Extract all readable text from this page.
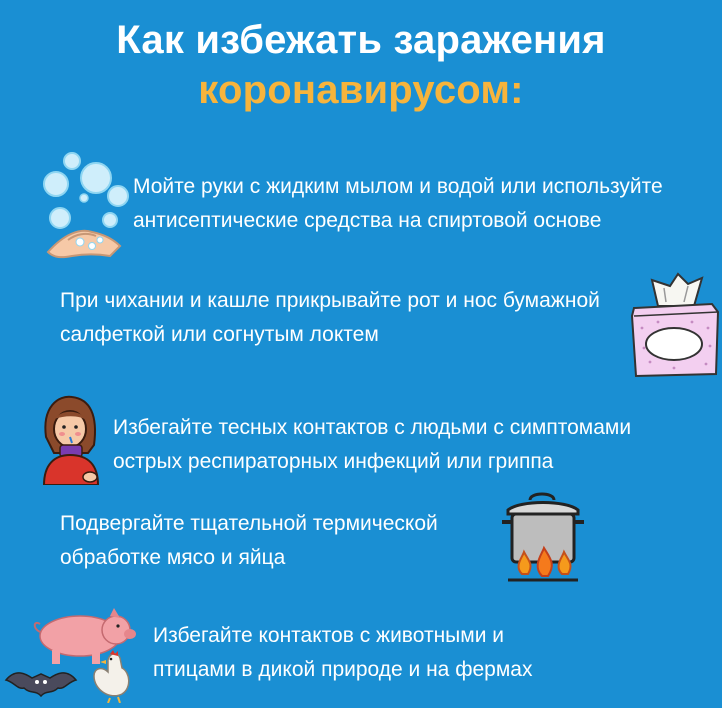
Как избежать заражения
коронавирусом:
Мойте руки с жидким мылом и водой или используйте
антисептические средства на спиртовой основе
При чихании и кашле прикрывайте рот и нос бумажной
салфеткой или согнутым локтем
Избегайте тесных контактов с людьми с симптомами
острых респираторных инфекций или гриппа
Подвергайте тщательной термической
обработке мясо и яйца
Избегайте контактов с животными и
птицами в дикой природе и на фермах
